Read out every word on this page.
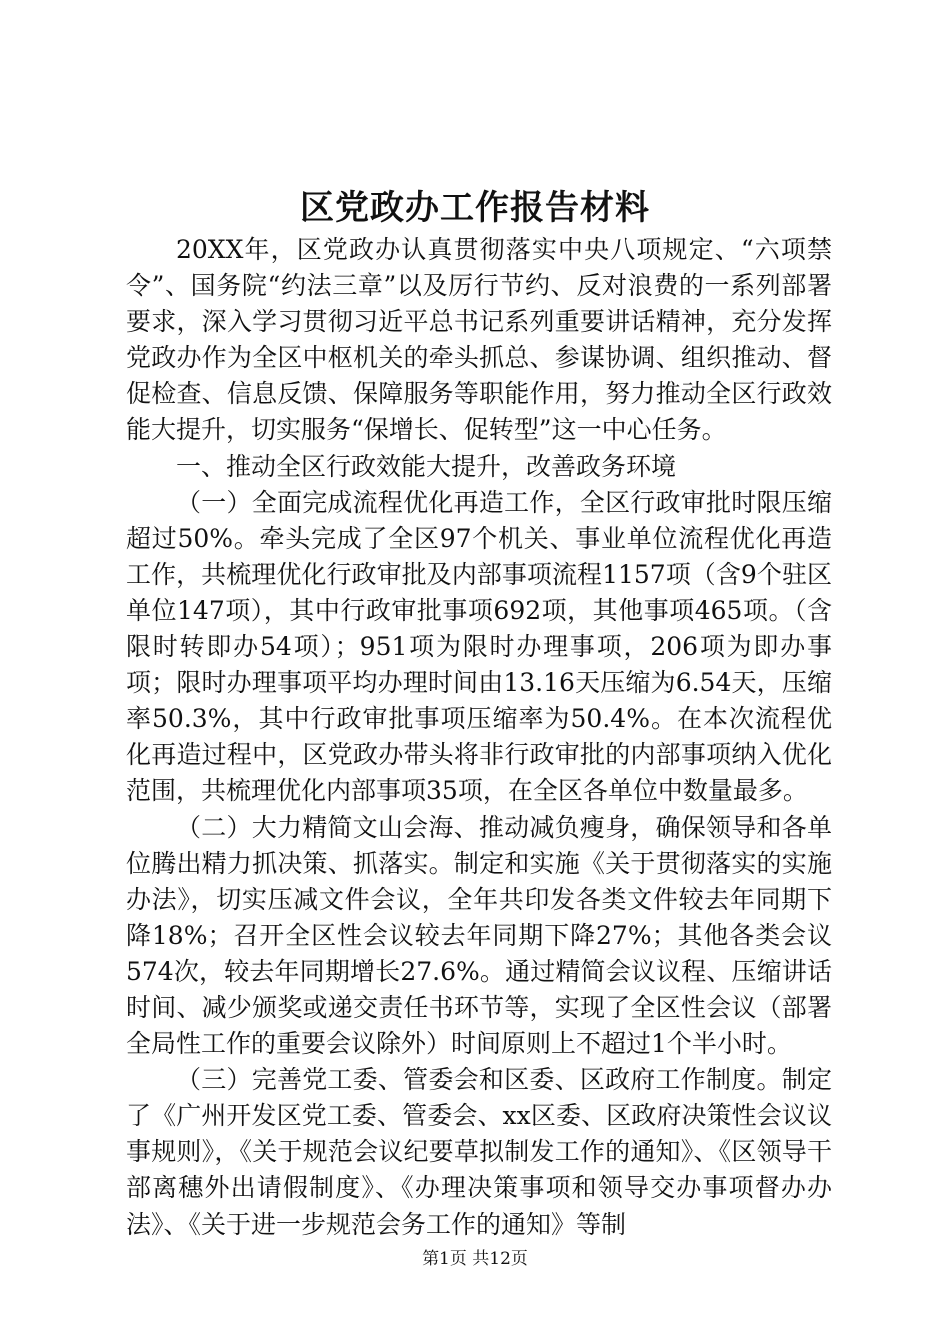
区党政办工作报告材料

20XX年，区党政办认真贯彻落实中央八项规定、“六项禁令”、国务院“约法三章”以及厉行节约、反对浪费的一系列部署要求，深入学习贯彻习近平总书记系列重要讲话精神，充分发挥党政办作为全区中枢机关的牵头抓总、参谋协调、组织推动、督促检查、信息反馈、保障服务等职能作用，努力推动全区行政效能大提升，切实服务“保增长、促转型”这一中心任务。

一、推动全区行政效能大提升，改善政务环境

（一）全面完成流程优化再造工作，全区行政审批时限压缩超过50%。牵头完成了全区97个机关、事业单位流程优化再造工作，共梳理优化行政审批及内部事项流程1157项（含9个驻区单位147项），其中行政审批事项692项，其他事项465项。（含限时转即办54项）；951项为限时办理事项，206项为即办事项；限时办理事项平均办理时间由13.16天压缩为6.54天，压缩率50.3%，其中行政审批事项压缩率为50.4%。在本次流程优化再造过程中，区党政办带头将非行政审批的内部事项纳入优化范围，共梳理优化内部事项35项，在全区各单位中数量最多。

（二）大力精简文山会海、推动减负瘦身，确保领导和各单位腾出精力抓决策、抓落实。制定和实施《关于贯彻落实的实施办法》，切实压减文件会议，全年共印发各类文件较去年同期下降18%；召开全区性会议较去年同期下降27%；其他各类会议574次，较去年同期增长27.6%。通过精简会议议程、压缩讲话时间、减少颁奖或递交责任书环节等，实现了全区性会议（部署全局性工作的重要会议除外）时间原则上不超过1个半小时。

（三）完善党工委、管委会和区委、区政府工作制度。制定了《广州开发区党工委、管委会、xx区委、区政府决策性会议议事规则》，《关于规范会议纪要草拟制发工作的通知》、《区领导干部离穗外出请假制度》、《办理决策事项和领导交办事项督办办法》、《关于进一步规范会务工作的通知》等制

第1页 共12页
